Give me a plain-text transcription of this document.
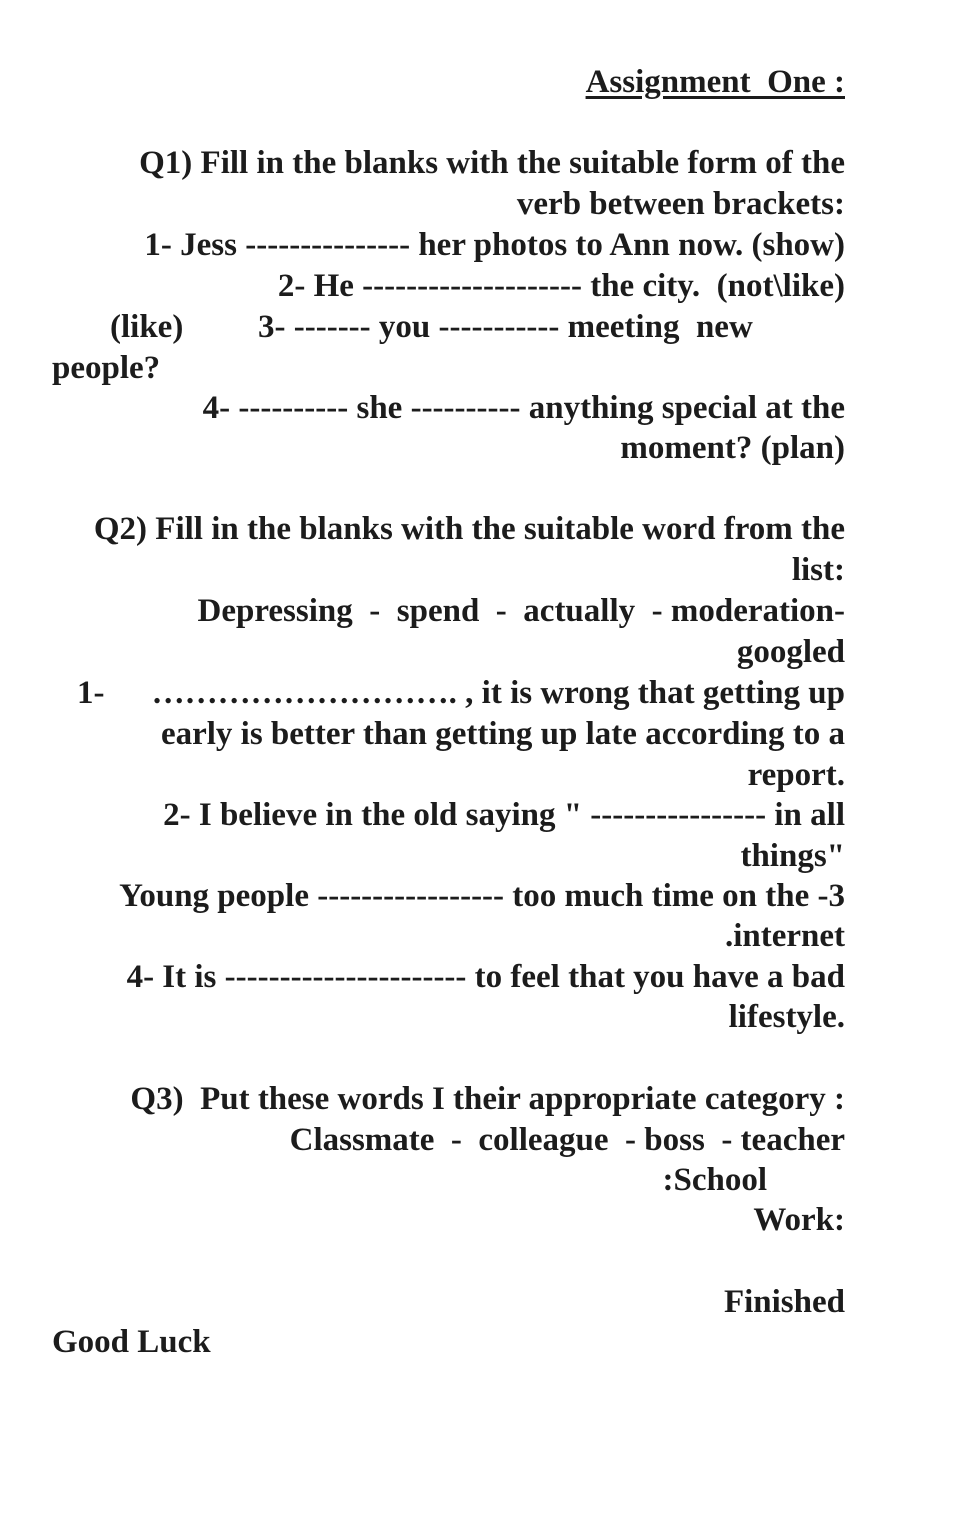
Assignment  One :
Q1) Fill in the blanks with the suitable form of the
verb between brackets:
1- Jess --------------- her photos to Ann now. (show)
2- He -------------------- the city.  (not\like)
(like) 3- ------- you ----------- meeting  new
people?
4- ---------- she ---------- anything special at the
moment? (plan)
Q2) Fill in the blanks with the suitable word from the
list:
Depressing  -  spend  -  actually  - moderation-
googled
1- ………………………. , it is wrong that getting up
early is better than getting up late according to a
report.
2- I believe in the old saying " ---------------- in all
things"
Young people ----------------- too much time on the -3
.internet
4- It is ---------------------- to feel that you have a bad
lifestyle.
Q3)  Put these words I their appropriate category :
Classmate  -  colleague  - boss  - teacher
:School
Work:
Finished
Good Luck
